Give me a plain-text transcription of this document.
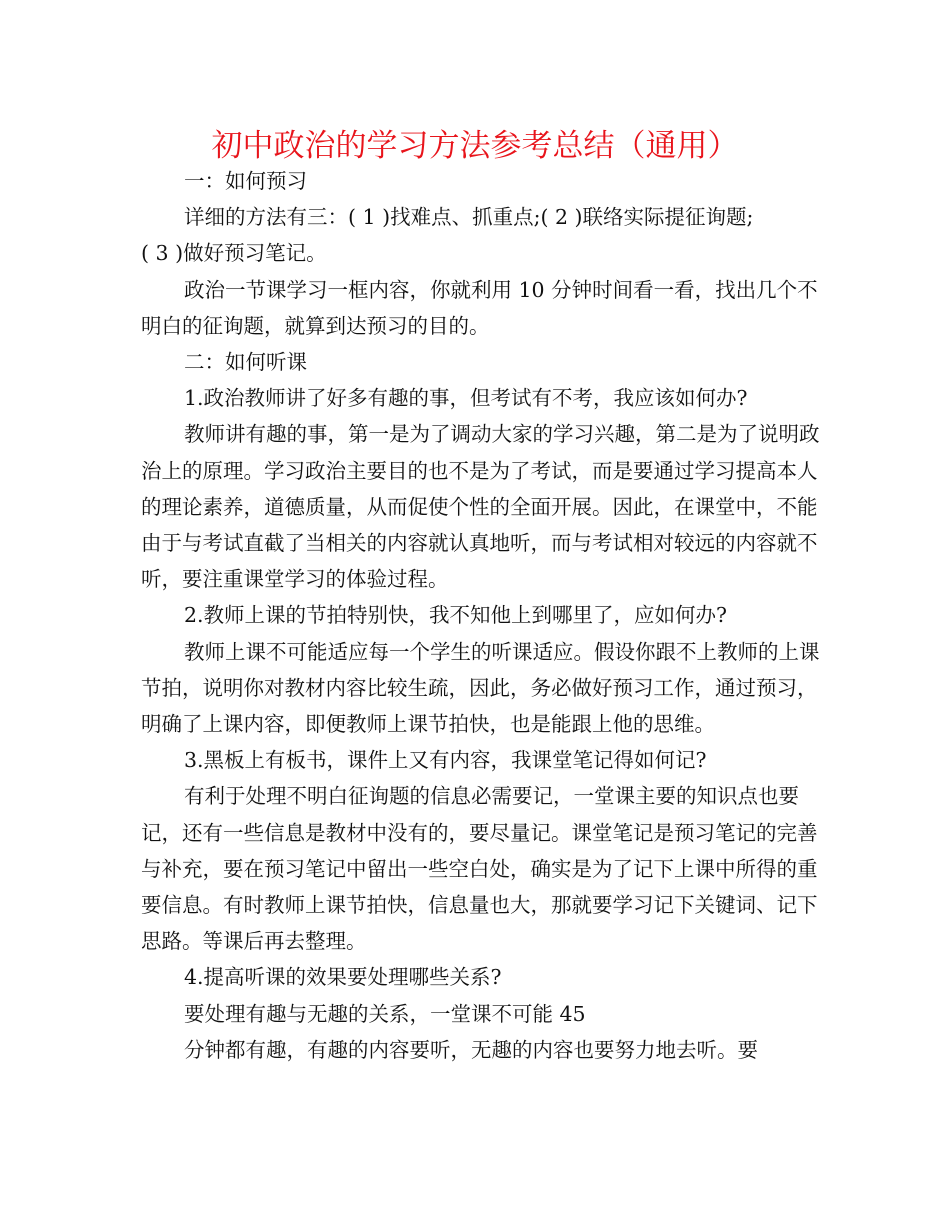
初中政治的学习方法参考总结（通用）

一：如何预习

详细的方法有三：( 1 )找难点、抓重点;( 2 )联络实际提征询题;

( 3 )做好预习笔记。

政治一节课学习一框内容，你就利用 10 分钟时间看一看，找出几个不明白的征询题，就算到达预习的目的。

二：如何听课

1.政治教师讲了好多有趣的事，但考试有不考，我应该如何办?

教师讲有趣的事，第一是为了调动大家的学习兴趣，第二是为了说明政治上的原理。学习政治主要目的也不是为了考试，而是要通过学习提高本人的理论素养，道德质量，从而促使个性的全面开展。因此，在课堂中，不能由于与考试直截了当相关的内容就认真地听，而与考试相对较远的内容就不听，要注重课堂学习的体验过程。

2.教师上课的节拍特别快，我不知他上到哪里了，应如何办?

教师上课不可能适应每一个学生的听课适应。假设你跟不上教师的上课节拍，说明你对教材内容比较生疏，因此，务必做好预习工作，通过预习，明确了上课内容，即便教师上课节拍快，也是能跟上他的思维。

3.黑板上有板书，课件上又有内容，我课堂笔记得如何记?

有利于处理不明白征询题的信息必需要记，一堂课主要的知识点也要记，还有一些信息是教材中没有的，要尽量记。课堂笔记是预习笔记的完善与补充，要在预习笔记中留出一些空白处，确实是为了记下上课中所得的重要信息。有时教师上课节拍快，信息量也大，那就要学习记下关键词、记下思路。等课后再去整理。

4.提高听课的效果要处理哪些关系?

要处理有趣与无趣的关系，一堂课不可能 45

分钟都有趣，有趣的内容要听，无趣的内容也要努力地去听。要
